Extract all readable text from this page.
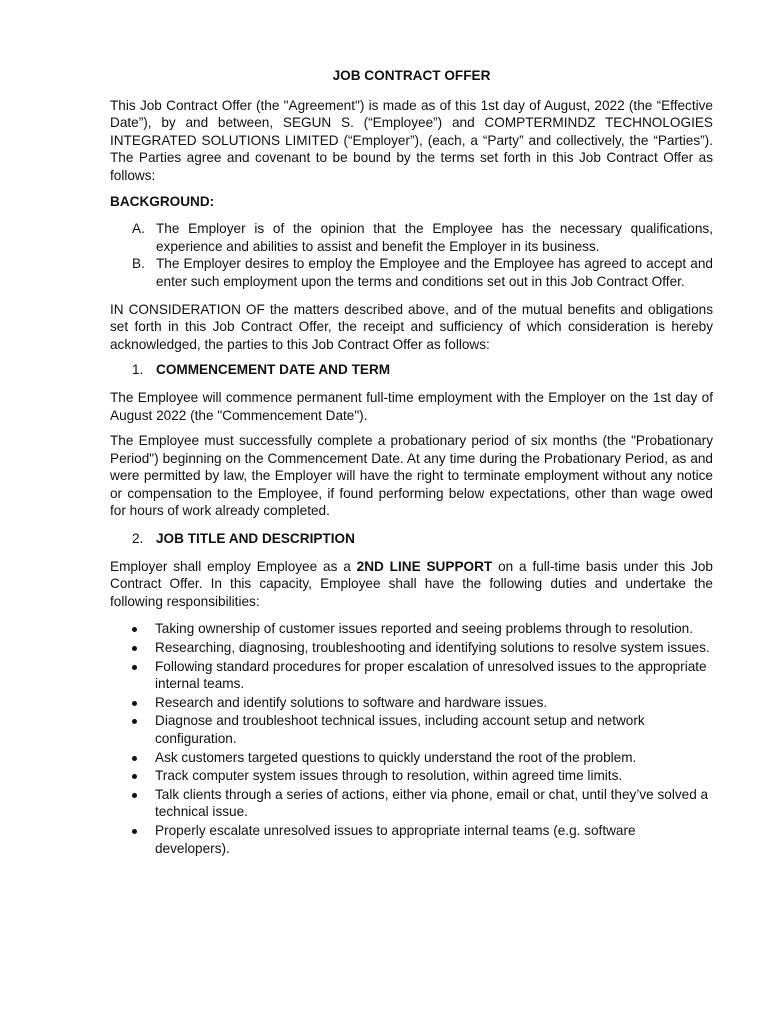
JOB CONTRACT OFFER

This Job Contract Offer (the "Agreement") is made as of this 1st day of August, 2022 (the “Effective Date”), by and between, SEGUN S. (“Employee”) and COMPTERMINDZ TECHNOLOGIES INTEGRATED SOLUTIONS LIMITED (“Employer”), (each, a “Party” and collectively, the “Parties”). The Parties agree and covenant to be bound by the terms set forth in this Job Contract Offer as follows:

BACKGROUND:
A. The Employer is of the opinion that the Employee has the necessary qualifications, experience and abilities to assist and benefit the Employer in its business.
B. The Employer desires to employ the Employee and the Employee has agreed to accept and enter such employment upon the terms and conditions set out in this Job Contract Offer.

IN CONSIDERATION OF the matters described above, and of the mutual benefits and obligations set forth in this Job Contract Offer, the receipt and sufficiency of which consideration is hereby acknowledged, the parties to this Job Contract Offer as follows:

1. COMMENCEMENT DATE AND TERM

The Employee will commence permanent full-time employment with the Employer on the 1st day of August 2022 (the "Commencement Date").

The Employee must successfully complete a probationary period of six months (the "Probationary Period") beginning on the Commencement Date. At any time during the Probationary Period, as and were permitted by law, the Employer will have the right to terminate employment without any notice or compensation to the Employee, if found performing below expectations, other than wage owed for hours of work already completed.

2. JOB TITLE AND DESCRIPTION

Employer shall employ Employee as a 2ND LINE SUPPORT on a full-time basis under this Job Contract Offer. In this capacity, Employee shall have the following duties and undertake the following responsibilities:

Taking ownership of customer issues reported and seeing problems through to resolution.
Researching, diagnosing, troubleshooting and identifying solutions to resolve system issues.
Following standard procedures for proper escalation of unresolved issues to the appropriate internal teams.
Research and identify solutions to software and hardware issues.
Diagnose and troubleshoot technical issues, including account setup and network configuration.
Ask customers targeted questions to quickly understand the root of the problem.
Track computer system issues through to resolution, within agreed time limits.
Talk clients through a series of actions, either via phone, email or chat, until they’ve solved a technical issue.
Properly escalate unresolved issues to appropriate internal teams (e.g. software developers).
